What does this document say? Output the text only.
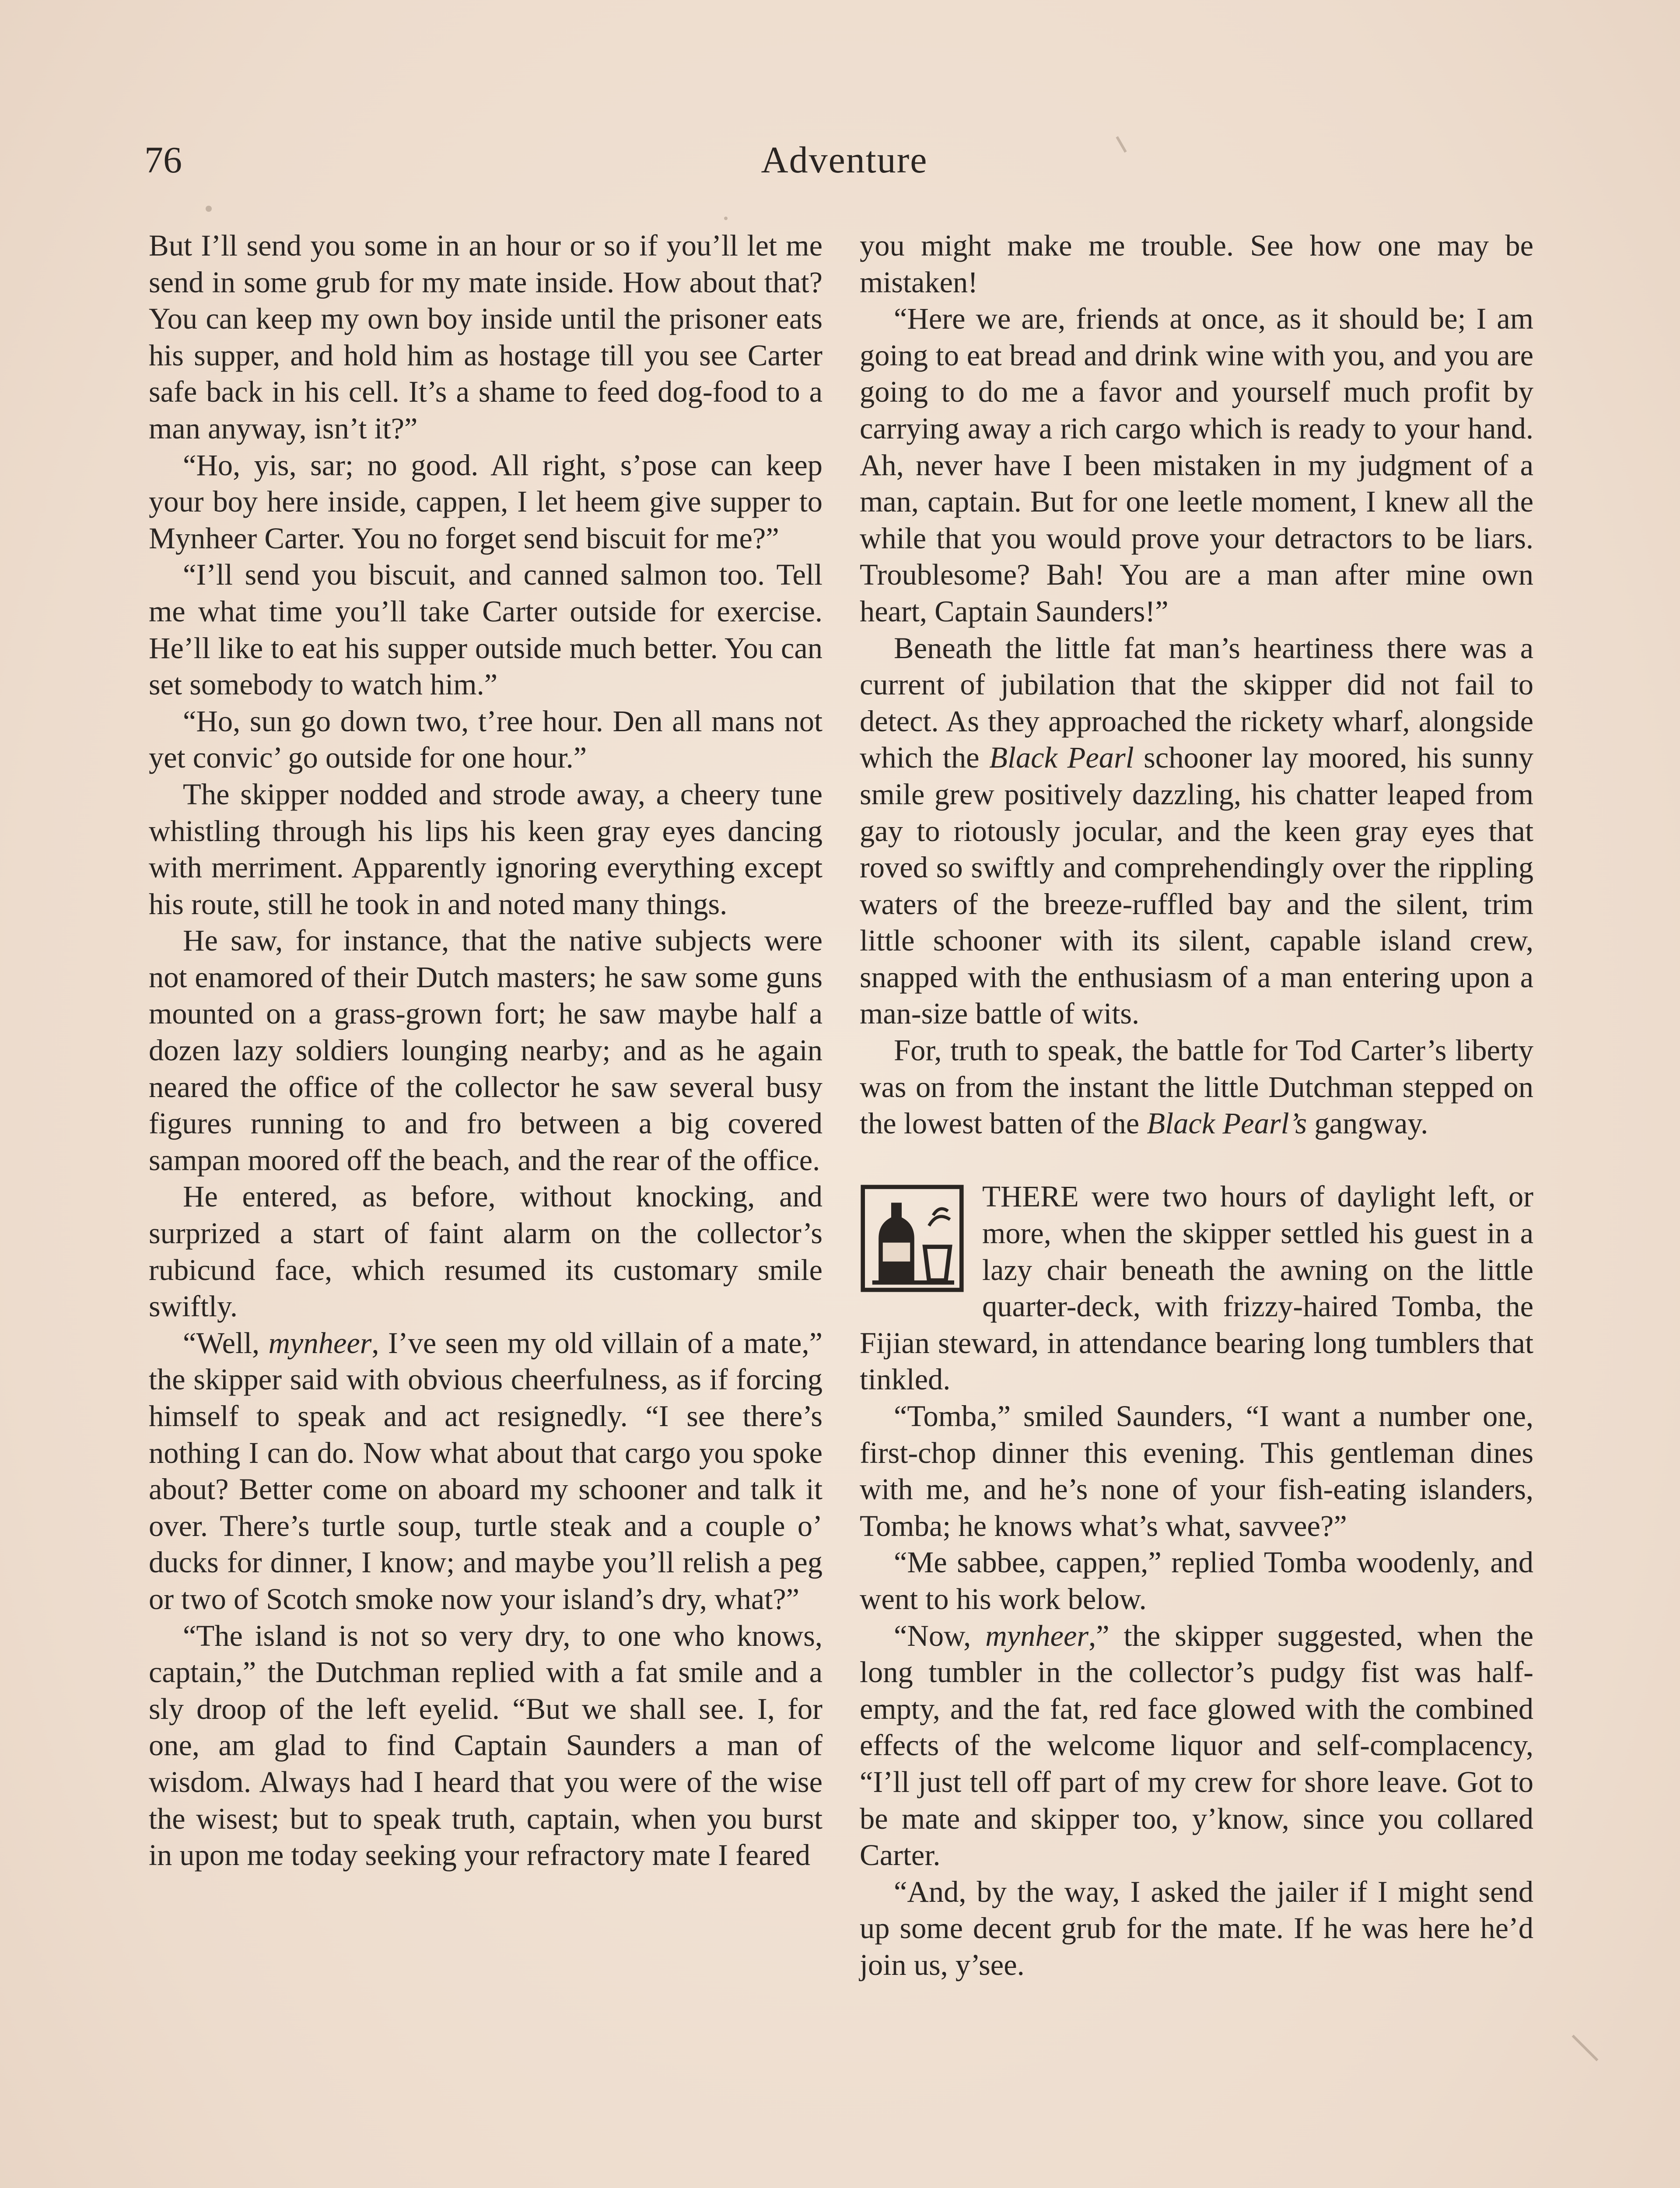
76	Adventure

But I’ll send you some in an hour or so if you’ll let me send in some grub for my mate inside. How about that? You can keep my own boy inside until the prisoner eats his supper, and hold him as hostage till you see Carter safe back in his cell. It’s a shame to feed dog-food to a man anyway, isn’t it?”

“Ho, yis, sar; no good. All right, s’pose can keep your boy here inside, cappen, I let heem give supper to Mynheer Carter. You no forget send biscuit for me?”

“I’ll send you biscuit, and canned salmon too. Tell me what time you’ll take Carter outside for exercise. He’ll like to eat his supper outside much better. You can set somebody to watch him.”

“Ho, sun go down two, t’ree hour. Den all mans not yet convic’ go outside for one hour.”

The skipper nodded and strode away, a cheery tune whistling through his lips his keen gray eyes dancing with merriment. Apparently ignoring everything except his route, still he took in and noted many things.

He saw, for instance, that the native subjects were not enamored of their Dutch masters; he saw some guns mounted on a grass-grown fort; he saw maybe half a dozen lazy soldiers lounging nearby; and as he again neared the office of the collector he saw several busy figures running to and fro between a big covered sampan moored off the beach, and the rear of the office.

He entered, as before, without knocking, and surprized a start of faint alarm on the collector’s rubicund face, which resumed its customary smile swiftly.

“Well, mynheer, I’ve seen my old villain of a mate,” the skipper said with obvious cheerfulness, as if forcing himself to speak and act resignedly. “I see there’s nothing I can do. Now what about that cargo you spoke about? Better come on aboard my schooner and talk it over. There’s turtle soup, turtle steak and a couple o’ ducks for dinner, I know; and maybe you’ll relish a peg or two of Scotch smoke now your island’s dry, what?”

“The island is not so very dry, to one who knows, captain,” the Dutchman replied with a fat smile and a sly droop of the left eyelid. “But we shall see. I, for one, am glad to find Captain Saunders a man of wisdom. Always had I heard that you were of the wise the wisest; but to speak truth, captain, when you burst in upon me today seeking your refractory mate I feared

you might make me trouble. See how one may be mistaken!

“Here we are, friends at once, as it should be; I am going to eat bread and drink wine with you, and you are going to do me a favor and yourself much profit by carrying away a rich cargo which is ready to your hand. Ah, never have I been mistaken in my judgment of a man, captain. But for one leetle moment, I knew all the while that you would prove your detractors to be liars. Troublesome? Bah! You are a man after mine own heart, Captain Saunders!”

Beneath the little fat man’s heartiness there was a current of jubilation that the skipper did not fail to detect. As they approached the rickety wharf, alongside which the Black Pearl schooner lay moored, his sunny smile grew positively dazzling, his chatter leaped from gay to riotously jocular, and the keen gray eyes that roved so swiftly and comprehendingly over the rippling waters of the breeze-ruffled bay and the silent, trim little schooner with its silent, capable island crew, snapped with the enthusiasm of a man entering upon a man-size battle of wits.

For, truth to speak, the battle for Tod Carter’s liberty was on from the instant the little Dutchman stepped on the lowest batten of the Black Pearl’s gangway.

THERE were two hours of daylight left, or more, when the skipper settled his guest in a lazy chair beneath the awning on the little quarter-deck, with frizzy-haired Tomba, the Fijian steward, in attendance bearing long tumblers that tinkled.

“Tomba,” smiled Saunders, “I want a number one, first-chop dinner this evening. This gentleman dines with me, and he’s none of your fish-eating islanders, Tomba; he knows what’s what, savvee?”

“Me sabbee, cappen,” replied Tomba woodenly, and went to his work below.

“Now, mynheer,” the skipper suggested, when the long tumbler in the collector’s pudgy fist was half-empty, and the fat, red face glowed with the combined effects of the welcome liquor and self-complacency, “I’ll just tell off part of my crew for shore leave. Got to be mate and skipper too, y’know, since you collared Carter.

“And, by the way, I asked the jailer if I might send up some decent grub for the mate. If he was here he’d join us, y’see.
